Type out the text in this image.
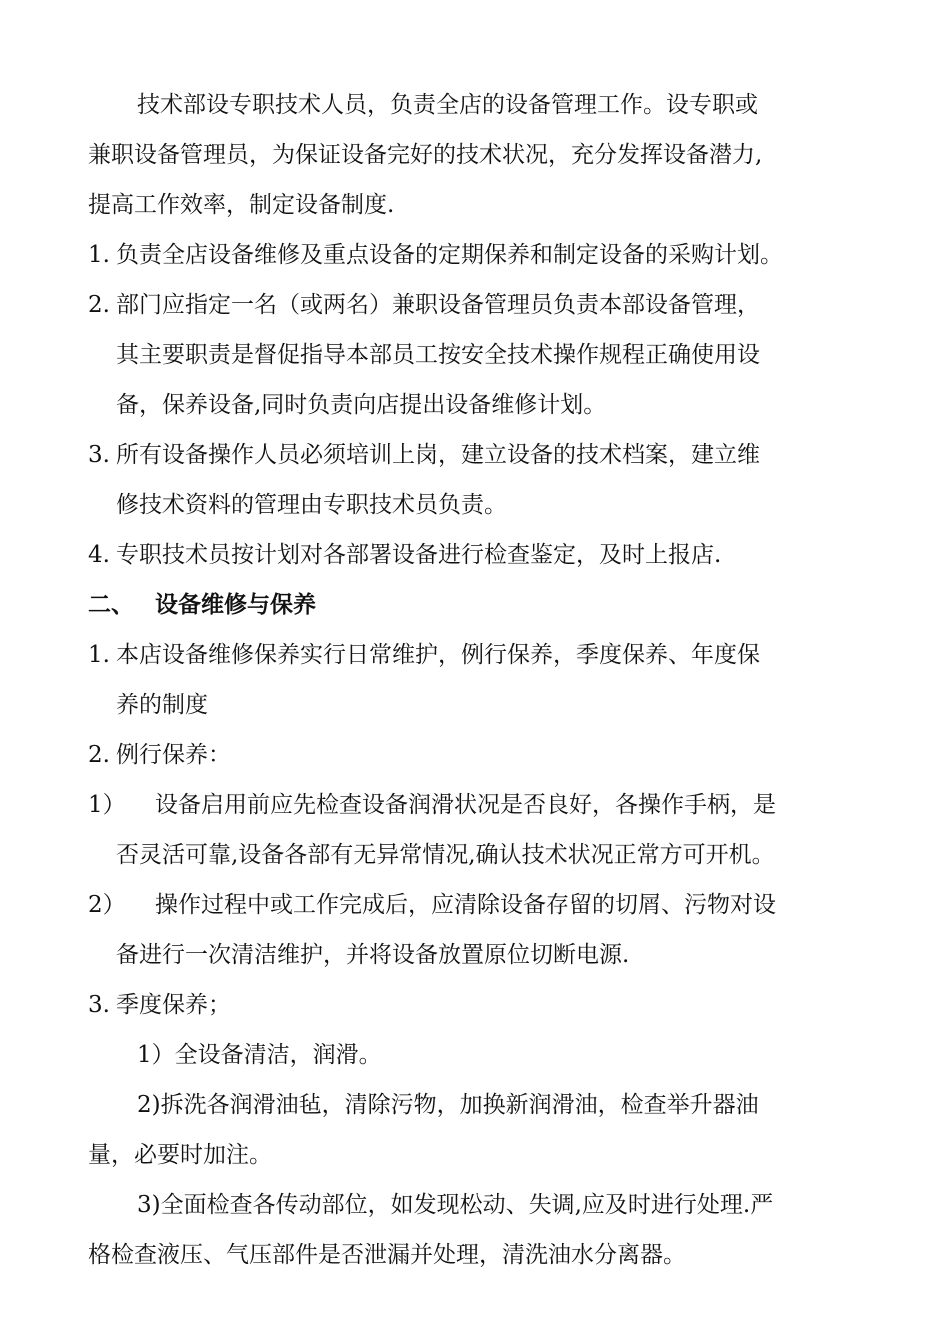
技术部设专职技术人员，负责全店的设备管理工作。设专职或
兼职设备管理员，为保证设备完好的技术状况，充分发挥设备潜力,
提高工作效率，制定设备制度.
1. 负责全店设备维修及重点设备的定期保养和制定设备的采购计划。
2. 部门应指定一名（或两名）兼职设备管理员负责本部设备管理，
其主要职责是督促指导本部员工按安全技术操作规程正确使用设
备，保养设备,同时负责向店提出设备维修计划。
3. 所有设备操作人员必须培训上岗，建立设备的技术档案，建立维
修技术资料的管理由专职技术员负责。
4. 专职技术员按计划对各部署设备进行检查鉴定，及时上报店.
二、 设备维修与保养
1. 本店设备维修保养实行日常维护，例行保养，季度保养、年度保
养的制度
2. 例行保养：
1） 设备启用前应先检查设备润滑状况是否良好，各操作手柄，是
否灵活可靠,设备各部有无异常情况,确认技术状况正常方可开机。
2） 操作过程中或工作完成后，应清除设备存留的切屑、污物对设
备进行一次清洁维护，并将设备放置原位切断电源.
3. 季度保养；
1）全设备清洁，润滑。
2)拆洗各润滑油毡，清除污物，加换新润滑油，检查举升器油
量，必要时加注。
3)全面检查各传动部位，如发现松动、失调,应及时进行处理.严
格检查液压、气压部件是否泄漏并处理，清洗油水分离器。
